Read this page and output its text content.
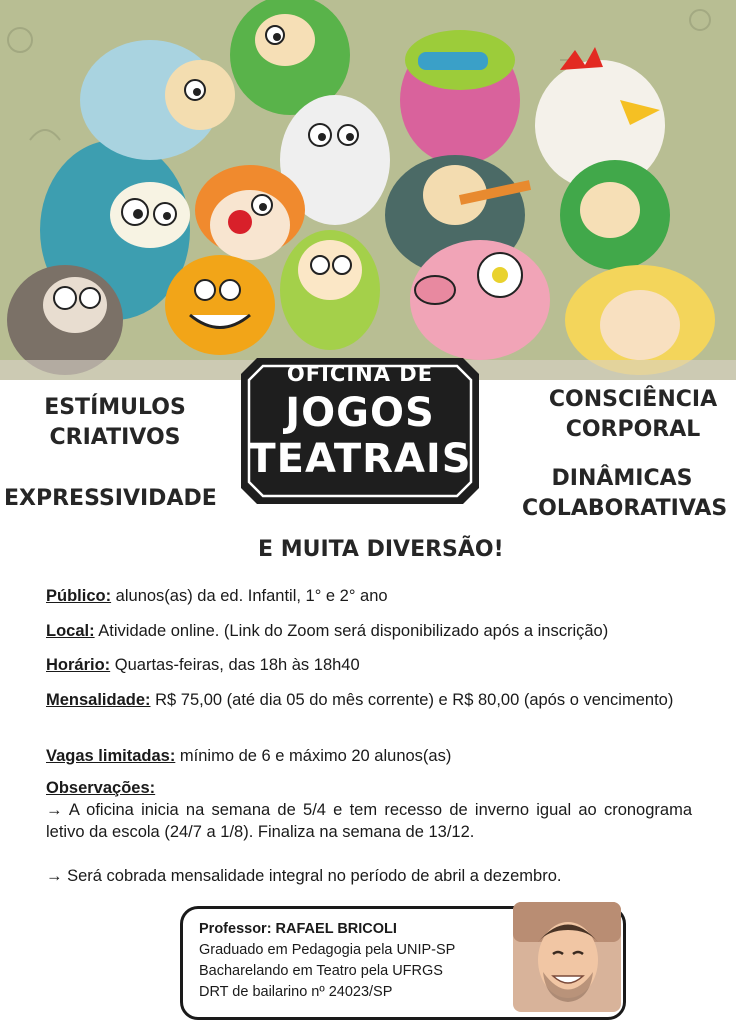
OFICINA DE
JOGOS
TEATRAIS
ESTÍMULOS
CRIATIVOS
EXPRESSIVIDADE
CONSCIÊNCIA
CORPORAL
DINÂMICAS
COLABORATIVAS
E MUITA DIVERSÃO!

Público: alunos(as) da ed. Infantil, 1° e 2° ano

Local: Atividade online. (Link do Zoom será disponibilizado após a inscrição)

Horário: Quartas-feiras, das 18h às 18h40

Mensalidade: R$ 75,00 (até dia 05 do mês corrente) e R$ 80,00 (após o vencimento)

Vagas limitadas: mínimo de 6 e máximo 20 alunos(as)

Observações:

→ A oficina inicia na semana de 5/4 e tem recesso de inverno igual ao cronograma letivo da escola (24/7 a 1/8). Finaliza na semana de 13/12.

→ Será cobrada mensalidade integral no período de abril a dezembro.

Professor: RAFAEL BRICOLI
Graduado em Pedagogia pela UNIP-SP
Bacharelando em Teatro pela UFRGS
DRT de bailarino nº 24023/SP
